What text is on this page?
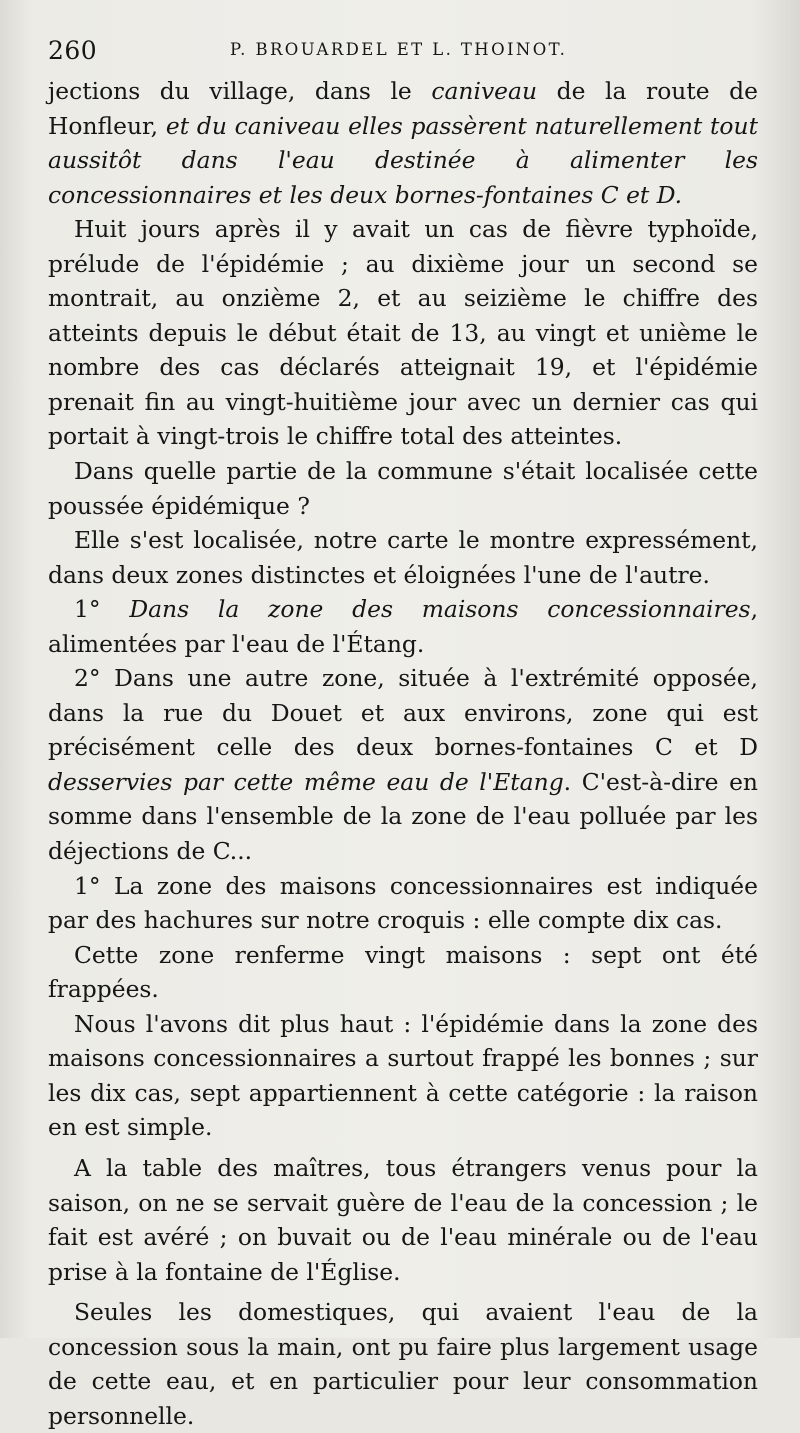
260	P. BROUARDEL ET L. THOINOT.

jections du village, dans le caniveau de la route de Honfleur, et du caniveau elles passèrent naturellement tout aussitôt dans l'eau destinée à alimenter les concessionnaires et les deux bornes-fontaines C et D.

Huit jours après il y avait un cas de fièvre typhoïde, prélude de l'épidémie ; au dixième jour un second se montrait, au onzième 2, et au seizième le chiffre des atteints depuis le début était de 13, au vingt et unième le nombre des cas déclarés atteignait 19, et l'épidémie prenait fin au vingt-huitième jour avec un dernier cas qui portait à vingt-trois le chiffre total des atteintes.

Dans quelle partie de la commune s'était localisée cette poussée épidémique ?

Elle s'est localisée, notre carte le montre expressément, dans deux zones distinctes et éloignées l'une de l'autre.

1° Dans la zone des maisons concessionnaires, alimentées par l'eau de l'Étang.

2° Dans une autre zone, située à l'extrémité opposée, dans la rue du Douet et aux environs, zone qui est précisément celle des deux bornes-fontaines C et D desservies par cette même eau de l'Etang. C'est-à-dire en somme dans l'ensemble de la zone de l'eau polluée par les déjections de C...

1° La zone des maisons concessionnaires est indiquée par des hachures sur notre croquis : elle compte dix cas.

Cette zone renferme vingt maisons : sept ont été frappées.

Nous l'avons dit plus haut : l'épidémie dans la zone des maisons concessionnaires a surtout frappé les bonnes ; sur les dix cas, sept appartiennent à cette catégorie : la raison en est simple.

A la table des maîtres, tous étrangers venus pour la saison, on ne se servait guère de l'eau de la concession ; le fait est avéré ; on buvait ou de l'eau minérale ou de l'eau prise à la fontaine de l'Église.

Seules les domestiques, qui avaient l'eau de la concession sous la main, ont pu faire plus largement usage de cette eau, et en particulier pour leur consommation personnelle.
